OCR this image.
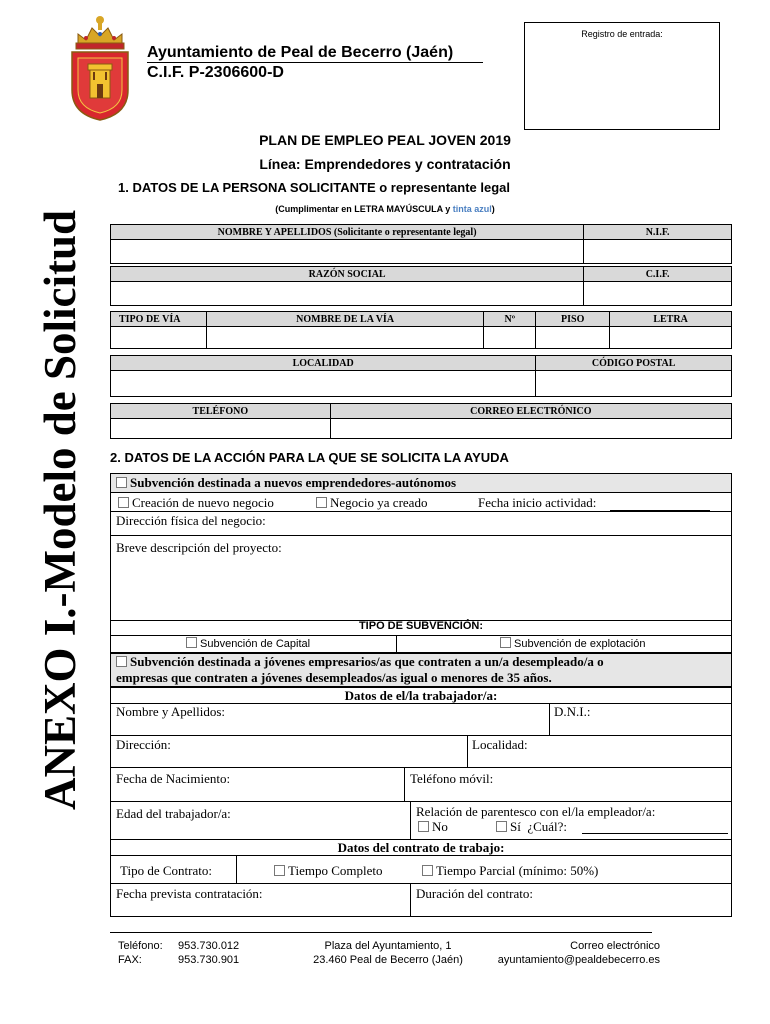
Ayuntamiento de Peal de Becerro (Jaén)
C.I.F. P-2306600-D
Registro de entrada:
ANEXO I.-Modelo de Solicitud
PLAN DE EMPLEO PEAL JOVEN 2019
Línea: Emprendedores y contratación
1. DATOS DE LA PERSONA SOLICITANTE o representante legal
(Cumplimentar en LETRA MAYÚSCULA y tinta azul)
NOMBRE Y APELLIDOS (Solicitante o representante legal)	N.I.F.

RAZÓN SOCIAL	C.I.F.

TIPO DE VÍA	NOMBRE DE LA VÍA	Nº	PISO	LETRA

LOCALIDAD	CÓDIGO POSTAL

TELÉFONO	CORREO ELECTRÓNICO

2. DATOS DE LA ACCIÓN PARA LA QUE SE SOLICITA LA AYUDA
Subvención destinada a nuevos emprendedores-autónomos
Creación de nuevo negocio	Negocio ya creado	Fecha inicio actividad:
Dirección física del negocio:
Breve descripción del proyecto:
TIPO DE SUBVENCIÓN:
Subvención de Capital	Subvención de explotación
Subvención destinada a jóvenes empresarios/as que contraten a un/a desempleado/a o
empresas que contraten a jóvenes desempleados/as igual o menores de 35 años.
Datos de el/la trabajador/a:
Nombre y Apellidos:	D.N.I.:
Dirección:	Localidad:
Fecha de Nacimiento:	Teléfono móvil:
Edad del trabajador/a:	Relación de parentesco con el/la empleador/a:
No	Sí ¿Cuál?:
Datos del contrato de trabajo:
Tipo de Contrato:	Tiempo Completo	Tiempo Parcial (mínimo: 50%)
Fecha prevista contratación:	Duración del contrato:
Teléfono: 953.730.012
FAX:	953.730.901
Plaza del Ayuntamiento, 1
23.460 Peal de Becerro (Jaén)
Correo electrónico
ayuntamiento@pealdebecerro.es
